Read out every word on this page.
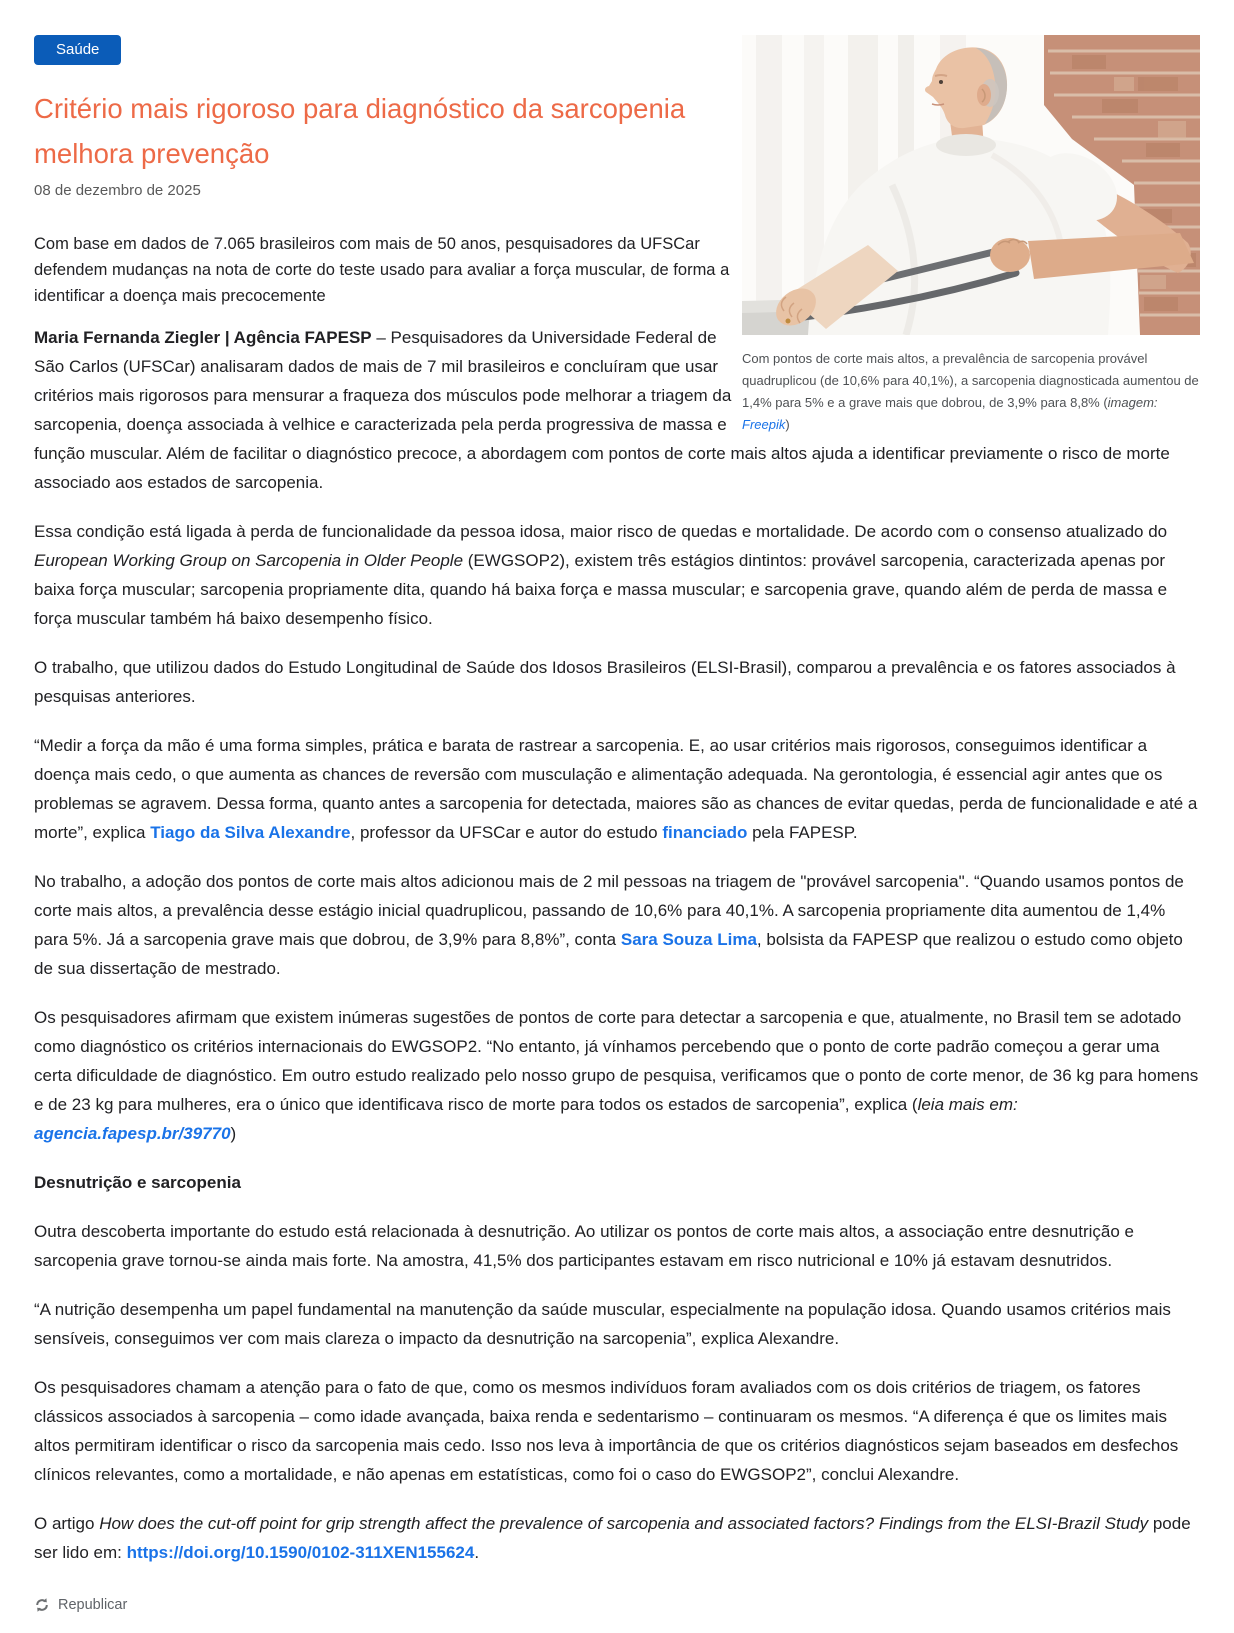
Com pontos de corte mais altos, a prevalência de sarcopenia provável quadruplicou (de 10,6% para 40,1%), a sarcopenia diagnosticada aumentou de 1,4% para 5% e a grave mais que dobrou, de 3,9% para 8,8% (imagem: Freepik)
Saúde
Critério mais rigoroso para diagnóstico da sarcopenia melhora prevenção
08 de dezembro de 2025

Com base em dados de 7.065 brasileiros com mais de 50 anos, pesquisadores da UFSCar defendem mudanças na nota de corte do teste usado para avaliar a força muscular, de forma a identificar a doença mais precocemente

Maria Fernanda Ziegler | Agência FAPESP – Pesquisadores da Universidade Federal de São Carlos (UFSCar) analisaram dados de mais de 7 mil brasileiros e concluíram que usar critérios mais rigorosos para mensurar a fraqueza dos músculos pode melhorar a triagem da sarcopenia, doença associada à velhice e caracterizada pela perda progressiva de massa e função muscular. Além de facilitar o diagnóstico precoce, a abordagem com pontos de corte mais altos ajuda a identificar previamente o risco de morte associado aos estados de sarcopenia.

Essa condição está ligada à perda de funcionalidade da pessoa idosa, maior risco de quedas e mortalidade. De acordo com o consenso atualizado do European Working Group on Sarcopenia in Older People (EWGSOP2), existem três estágios dintintos: provável sarcopenia, caracterizada apenas por baixa força muscular; sarcopenia propriamente dita, quando há baixa força e massa muscular; e sarcopenia grave, quando além de perda de massa e força muscular também há baixo desempenho físico.

O trabalho, que utilizou dados do Estudo Longitudinal de Saúde dos Idosos Brasileiros (ELSI-Brasil), comparou a prevalência e os fatores associados à pesquisas anteriores.

“Medir a força da mão é uma forma simples, prática e barata de rastrear a sarcopenia. E, ao usar critérios mais rigorosos, conseguimos identificar a doença mais cedo, o que aumenta as chances de reversão com musculação e alimentação adequada. Na gerontologia, é essencial agir antes que os problemas se agravem. Dessa forma, quanto antes a sarcopenia for detectada, maiores são as chances de evitar quedas, perda de funcionalidade e até a morte”, explica Tiago da Silva Alexandre, professor da UFSCar e autor do estudo financiado pela FAPESP.

No trabalho, a adoção dos pontos de corte mais altos adicionou mais de 2 mil pessoas na triagem de "provável sarcopenia". “Quando usamos pontos de corte mais altos, a prevalência desse estágio inicial quadruplicou, passando de 10,6% para 40,1%. A sarcopenia propriamente dita aumentou de 1,4% para 5%. Já a sarcopenia grave mais que dobrou, de 3,9% para 8,8%”, conta Sara Souza Lima, bolsista da FAPESP que realizou o estudo como objeto de sua dissertação de mestrado.

Os pesquisadores afirmam que existem inúmeras sugestões de pontos de corte para detectar a sarcopenia e que, atualmente, no Brasil tem se adotado como diagnóstico os critérios internacionais do EWGSOP2. “No entanto, já vínhamos percebendo que o ponto de corte padrão começou a gerar uma certa dificuldade de diagnóstico. Em outro estudo realizado pelo nosso grupo de pesquisa, verificamos que o ponto de corte menor, de 36 kg para homens e de 23 kg para mulheres, era o único que identificava risco de morte para todos os estados de sarcopenia”, explica (leia mais em: agencia.fapesp.br/39770)

Desnutrição e sarcopenia

Outra descoberta importante do estudo está relacionada à desnutrição. Ao utilizar os pontos de corte mais altos, a associação entre desnutrição e sarcopenia grave tornou-se ainda mais forte. Na amostra, 41,5% dos participantes estavam em risco nutricional e 10% já estavam desnutridos.

“A nutrição desempenha um papel fundamental na manutenção da saúde muscular, especialmente na população idosa. Quando usamos critérios mais sensíveis, conseguimos ver com mais clareza o impacto da desnutrição na sarcopenia”, explica Alexandre.

Os pesquisadores chamam a atenção para o fato de que, como os mesmos indivíduos foram avaliados com os dois critérios de triagem, os fatores clássicos associados à sarcopenia – como idade avançada, baixa renda e sedentarismo – continuaram os mesmos. “A diferença é que os limites mais altos permitiram identificar o risco da sarcopenia mais cedo. Isso nos leva à importância de que os critérios diagnósticos sejam baseados em desfechos clínicos relevantes, como a mortalidade, e não apenas em estatísticas, como foi o caso do EWGSOP2”, conclui Alexandre.

O artigo How does the cut-off point for grip strength affect the prevalence of sarcopenia and associated factors? Findings from the ELSI-Brazil Study pode ser lido em: https://doi.org/10.1590/0102-311XEN155624.

Republicar
